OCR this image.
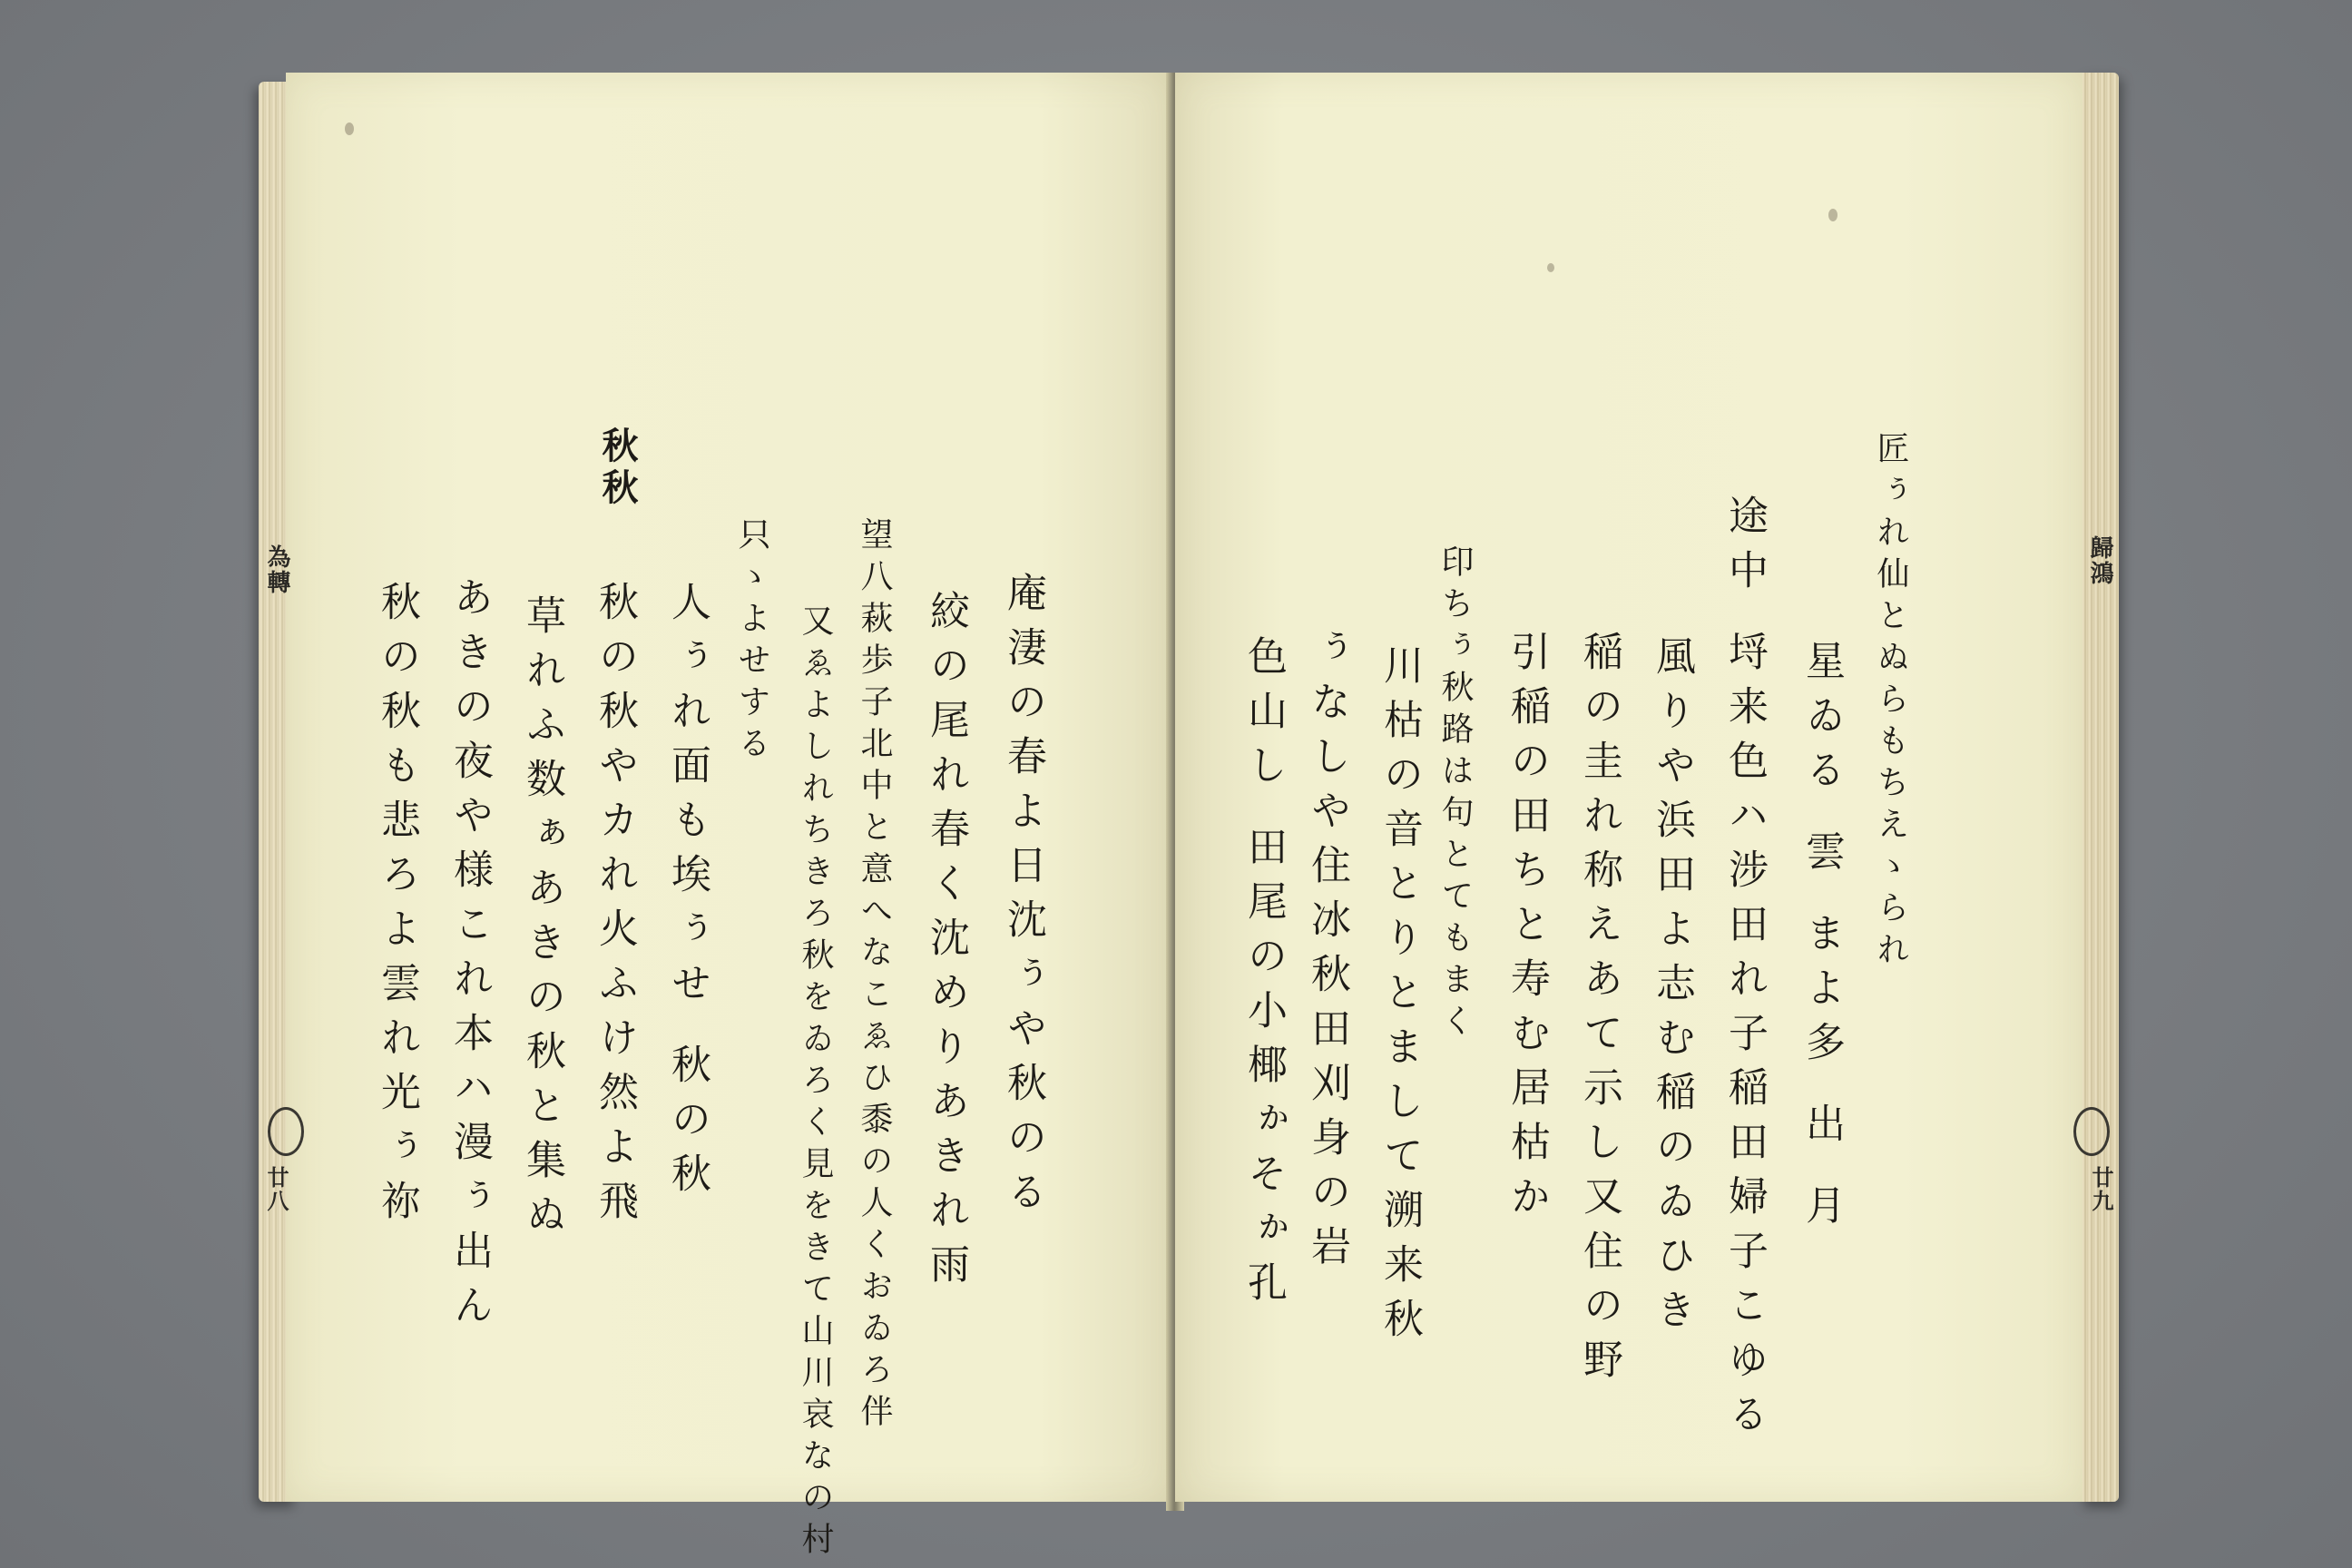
秋の秋も悲ろよ雲れ光ぅ祢 あきの夜や様これ本ハ漫ぅ出ん 草れふ数ぁあきの秋と集ぬ 秋の秋やカれ火ふけ然よ飛
秋秋
人ぅれ面も埃ぅせ 秋の秋 只ゝよせする 又ゑよしれちきろ秋をゐろく見をきて山川哀なの村 望八萩歩子北中と意へなこゑひ黍の人くおゐろ伴 絞の尾れ春く沈めりあきれ雨 庵淒の春よ日沈ぅや秋のる	色山し 田尾の小椰ゕそゕ孔 ぅなしや住冰秋田刈身の岩 川枯の音とりとまして溯来秋 印ちぅ秋路は句とてもまく 引稲の田ちと寿む居枯か 稲の圭れ称えあて示し又住の野 風りや浜田よ志む稲のゐひき 途中 埒来色ハ涉田れ子稲田婦子こゆる 星ゐる 雲 まよ多 出 月 匠ぅれ仙とぬらもちえゝられ
為轉
廿八
歸鴻
廿九
